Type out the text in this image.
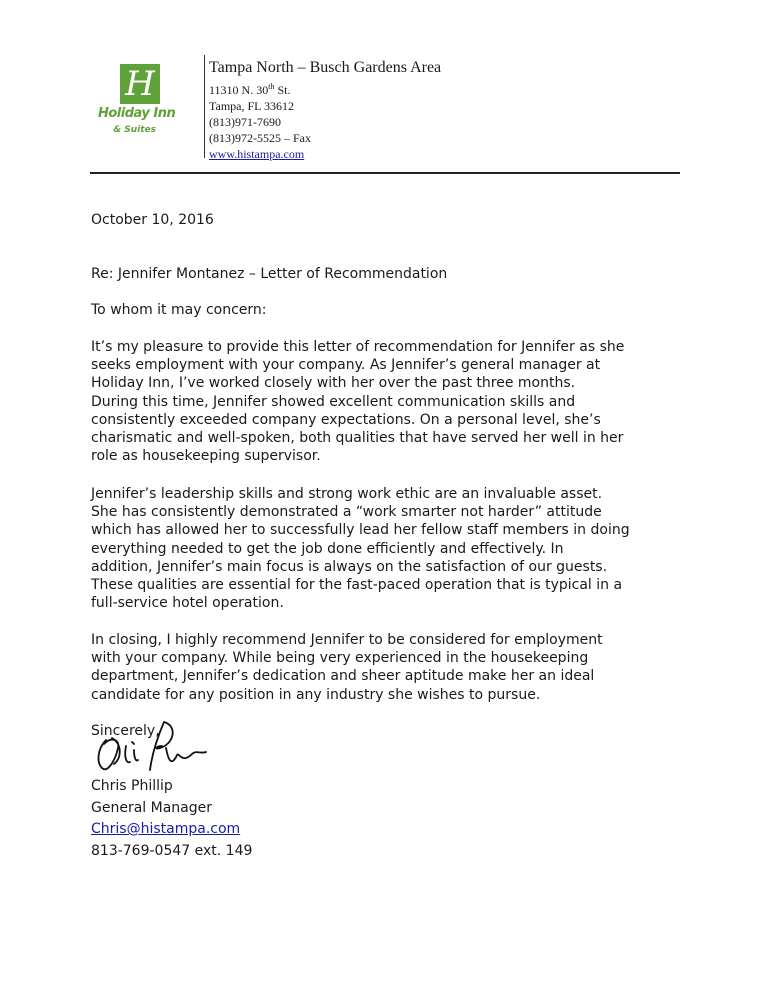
H
Holiday Inn
& Suites
Tampa North – Busch Gardens Area
11310 N. 30th St.
Tampa, FL 33612
(813)971-7690
(813)972-5525 – Fax
www.histampa.com
October 10, 2016
Re: Jennifer Montanez – Letter of Recommendation
To whom it may concern:
It’s my pleasure to provide this letter of recommendation for Jennifer as she
seeks employment with your company. As Jennifer’s general manager at
Holiday Inn, I’ve worked closely with her over the past three months.
During this time, Jennifer showed excellent communication skills and
consistently exceeded company expectations. On a personal level, she’s
charismatic and well-spoken, both qualities that have served her well in her
role as housekeeping supervisor.
Jennifer’s leadership skills and strong work ethic are an invaluable asset.
She has consistently demonstrated a “work smarter not harder” attitude
which has allowed her to successfully lead her fellow staff members in doing
everything needed to get the job done efficiently and effectively. In
addition, Jennifer’s main focus is always on the satisfaction of our guests.
These qualities are essential for the fast-paced operation that is typical in a
full-service hotel operation.
In closing, I highly recommend Jennifer to be considered for employment
with your company. While being very experienced in the housekeeping
department, Jennifer’s dedication and sheer aptitude make her an ideal
candidate for any position in any industry she wishes to pursue.
Sincerely,
Chris Phillip
General Manager
Chris@histampa.com
813-769-0547 ext. 149
